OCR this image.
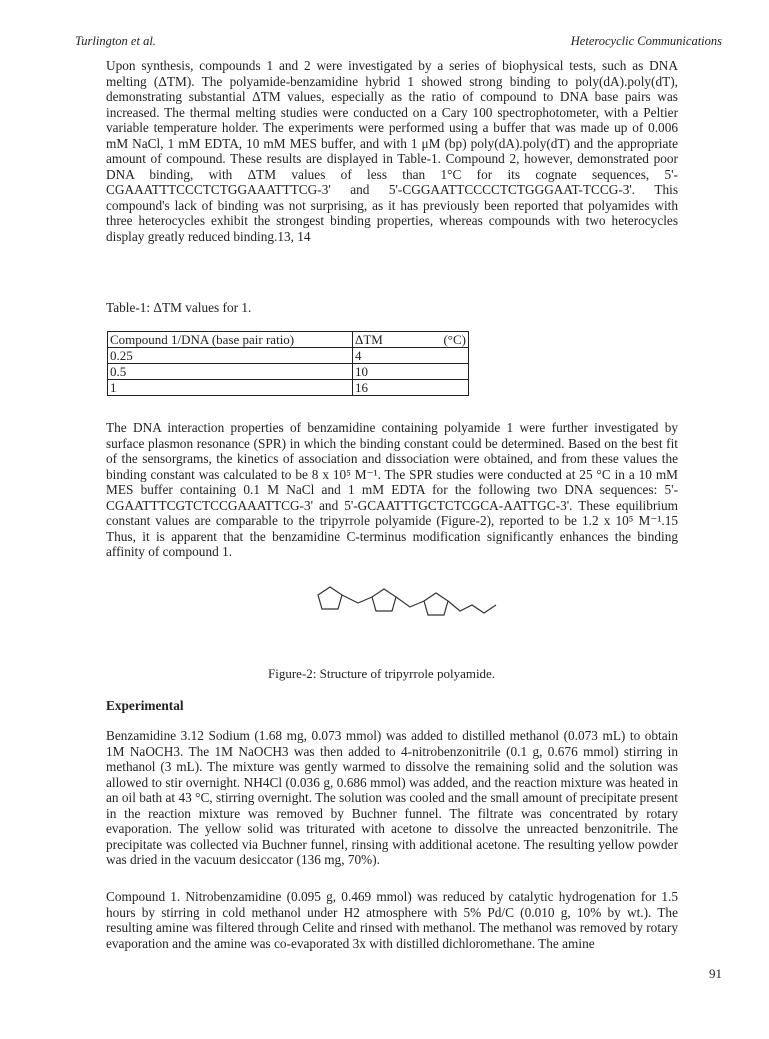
Turlington et al.	Heterocyclic Communications

Upon synthesis, compounds 1 and 2 were investigated by a series of biophysical tests, such as DNA melting (ΔTM). The polyamide-benzamidine hybrid 1 showed strong binding to poly(dA).poly(dT), demonstrating substantial ΔTM values, especially as the ratio of compound to DNA base pairs was increased. The thermal melting studies were conducted on a Cary 100 spectrophotometer, with a Peltier variable temperature holder. The experiments were performed using a buffer that was made up of 0.006 mM NaCl, 1 mM EDTA, 10 mM MES buffer, and with 1 μM (bp) poly(dA).poly(dT) and the appropriate amount of compound. These results are displayed in Table-1. Compound 2, however, demonstrated poor DNA binding, with ΔTM values of less than 1°C for its cognate sequences, 5'-CGAAATTTCCCTCTGGAAATTTCG-3' and 5'-CGGAATTCCCCTCTGGGAAT-TCCG-3'. This compound's lack of binding was not surprising, as it has previously been reported that polyamides with three heterocycles exhibit the strongest binding properties, whereas compounds with two heterocycles display greatly reduced binding.13, 14

Table-1: ΔTM values for 1.
Compound 1/DNA (base pair ratio)	ΔTM (°C)

0.25	4
0.5	10
1	16

The DNA interaction properties of benzamidine containing polyamide 1 were further investigated by surface plasmon resonance (SPR) in which the binding constant could be determined. Based on the best fit of the sensorgrams, the kinetics of association and dissociation were obtained, and from these values the binding constant was calculated to be 8 x 10⁵ M⁻¹. The SPR studies were conducted at 25 °C in a 10 mM MES buffer containing 0.1 M NaCl and 1 mM EDTA for the following two DNA sequences: 5'-CGAATTTCGTCTCCGAAATTCG-3' and 5'-GCAATTTGCTCTCGCA-AATTGC-3'. These equilibrium constant values are comparable to the tripyrrole polyamide (Figure-2), reported to be 1.2 x 10⁵ M⁻¹.15 Thus, it is apparent that the benzamidine C-terminus modification significantly enhances the binding affinity of compound 1.

Figure-2: Structure of tripyrrole polyamide.
Experimental

Benzamidine 3.12 Sodium (1.68 mg, 0.073 mmol) was added to distilled methanol (0.073 mL) to obtain 1M NaOCH3. The 1M NaOCH3 was then added to 4-nitrobenzonitrile (0.1 g, 0.676 mmol) stirring in methanol (3 mL). The mixture was gently warmed to dissolve the remaining solid and the solution was allowed to stir overnight. NH4Cl (0.036 g, 0.686 mmol) was added, and the reaction mixture was heated in an oil bath at 43 °C, stirring overnight. The solution was cooled and the small amount of precipitate present in the reaction mixture was removed by Buchner funnel. The filtrate was concentrated by rotary evaporation. The yellow solid was triturated with acetone to dissolve the unreacted benzonitrile. The precipitate was collected via Buchner funnel, rinsing with additional acetone. The resulting yellow powder was dried in the vacuum desiccator (136 mg, 70%).

Compound 1. Nitrobenzamidine (0.095 g, 0.469 mmol) was reduced by catalytic hydrogenation for 1.5 hours by stirring in cold methanol under H2 atmosphere with 5% Pd/C (0.010 g, 10% by wt.). The resulting amine was filtered through Celite and rinsed with methanol. The methanol was removed by rotary evaporation and the amine was co-evaporated 3x with distilled dichloromethane. The amine

91
